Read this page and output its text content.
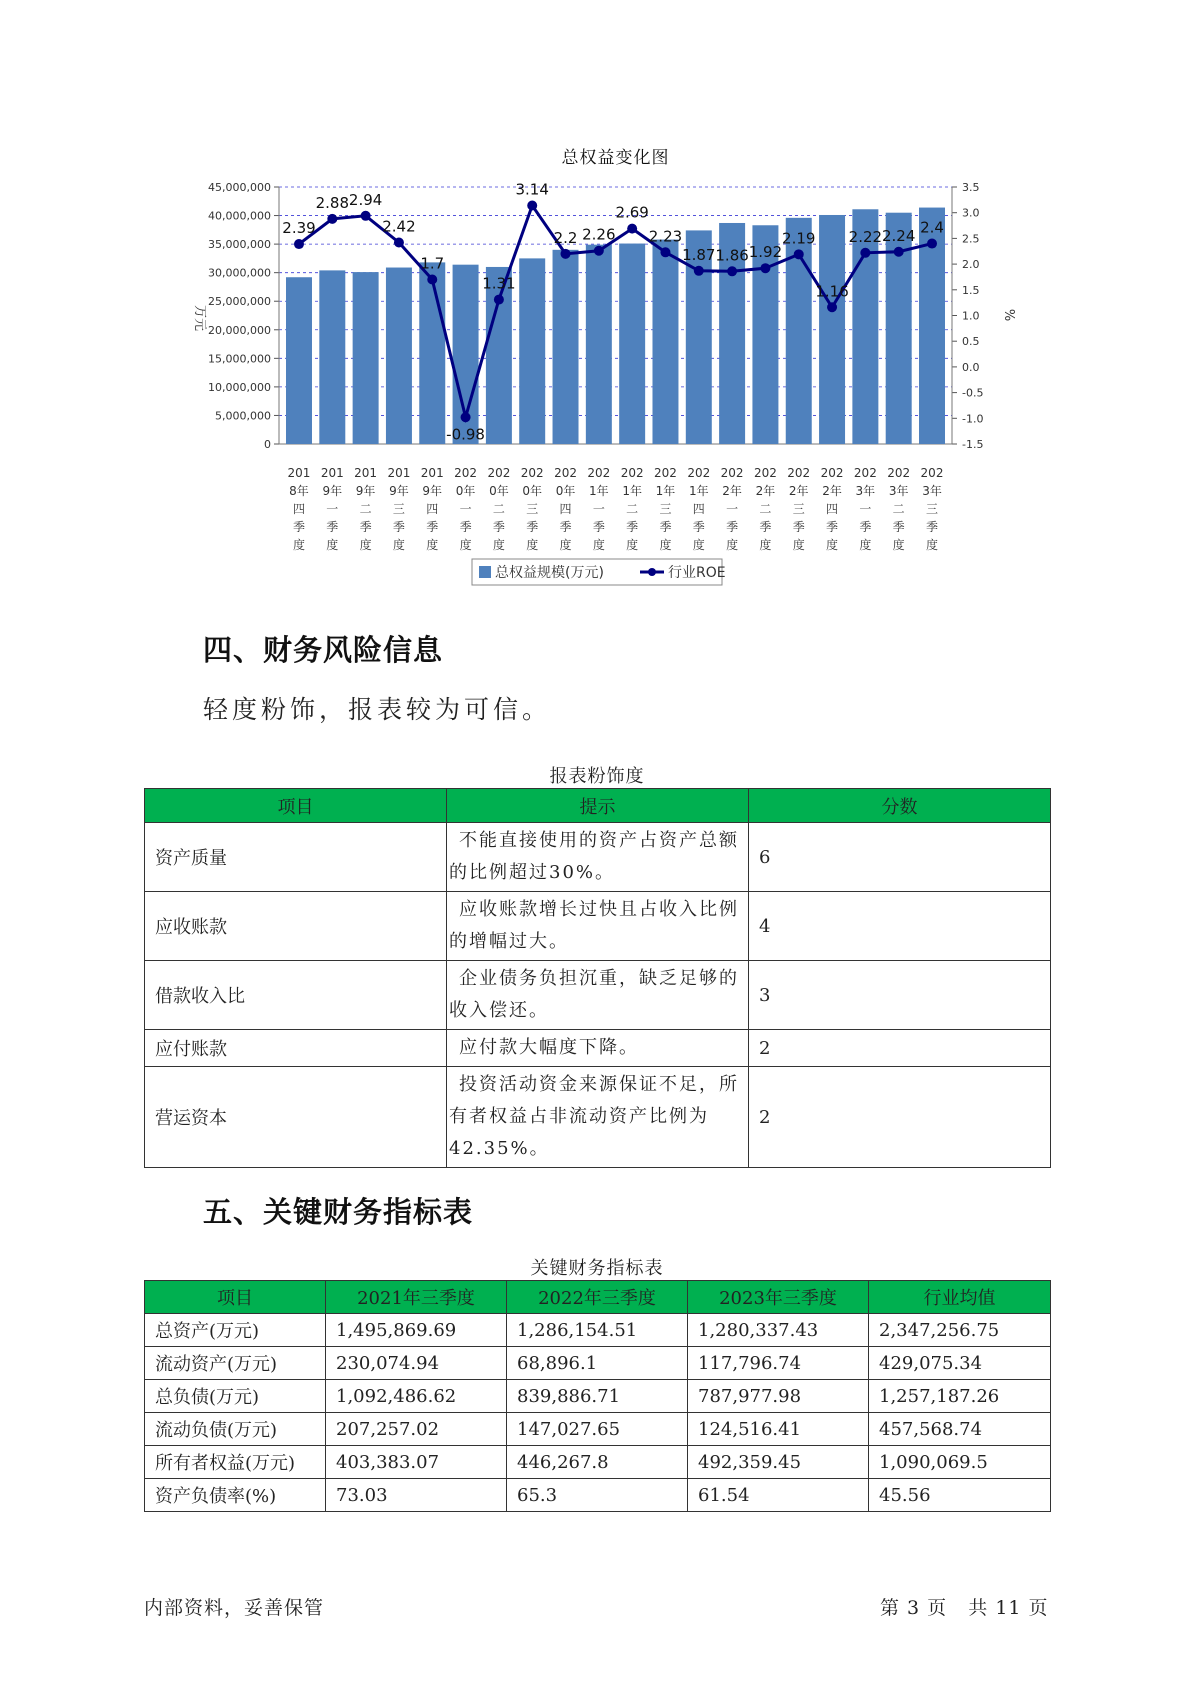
总权益变化图
0
5,000,000
10,000,000
15,000,000
20,000,000
25,000,000
30,000,000
35,000,000
40,000,000
45,000,000
-1.5
-1.0
-0.5
0.0
0.5
1.0
1.5
2.0
2.5
3.0
3.5
万元	%
201
8年
四
季
度
201
9年
一
季
度
201
9年
二
季
度
201
9年
三
季
度
201
9年
四
季
度
202
0年
一
季
度
202
0年
二
季
度
202
0年
三
季
度
202
0年
四
季
度
202
1年
一
季
度
202
1年
二
季
度
202
1年
三
季
度
202
1年
四
季
度
202
2年
一
季
度
202
2年
二
季
度
202
2年
三
季
度
202
2年
四
季
度
202
3年
一
季
度
202
3年
二
季
度
202
3年
三
季
度
2.39
2.88 2.94
2.42
1.7
-0.98
1.31
3.14
2.2 2.26
2.69
2.23
1.87 1.86 1.92
2.19
1.16
2.22 2.24 2.4
总权益规模(万元)	行业ROE
四、财务风险信息
轻度粉饰，报表较为可信。
报表粉饰度
项目	提示	分数
资产质量	不能直接使用的资产占资产总额的比例超过30%。	6
应收账款	应收账款增长过快且占收入比例的增幅过大。	4
借款收入比	企业债务负担沉重，缺乏足够的收入偿还。	3
应付账款	应付款大幅度下降。	2
营运资本	投资活动资金来源保证不足，所有者权益占非流动资产比例为42.35%。	2
五、关键财务指标表
关键财务指标表
项目	2021年三季度	2022年三季度	2023年三季度	行业均值
总资产(万元)	1,495,869.69	1,286,154.51	1,280,337.43	2,347,256.75
流动资产(万元)	230,074.94	68,896.1	117,796.74	429,075.34
总负债(万元)	1,092,486.62	839,886.71	787,977.98	1,257,187.26
流动负债(万元)	207,257.02	147,027.65	124,516.41	457,568.74
所有者权益(万元)	403,383.07	446,267.8	492,359.45	1,090,069.5
资产负债率(%)	73.03	65.3	61.54	45.56
内部资料，妥善保管	第 3 页   共 11 页
